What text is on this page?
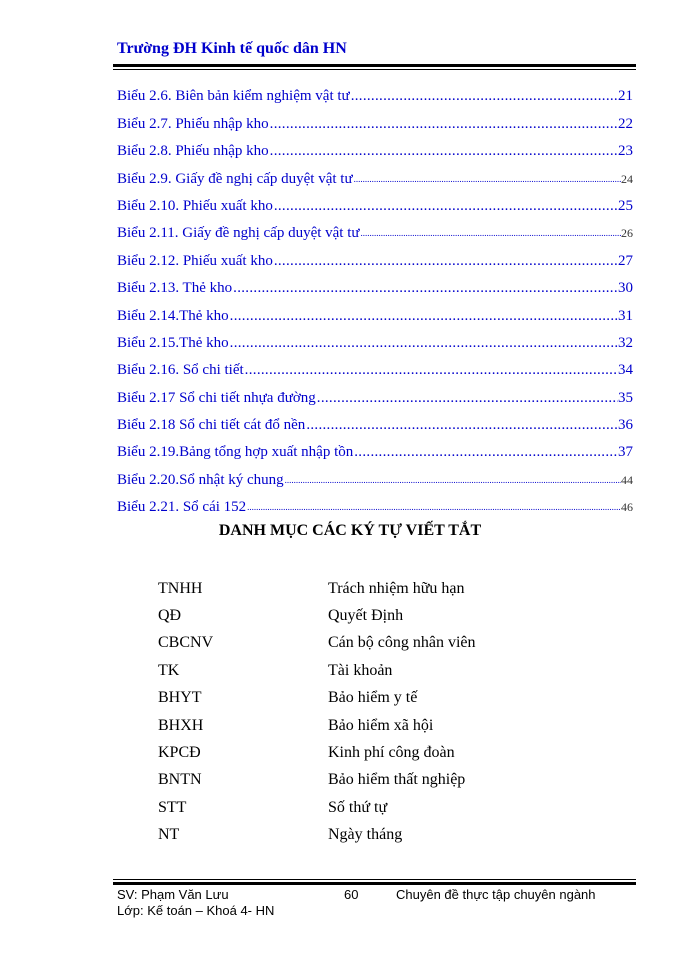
Trường ĐH Kinh tế quốc dân HN
Biểu 2.6. Biên bản kiểm nghiệm vật tư .....	21
Biểu 2.7. Phiếu nhập kho .....	22
Biểu 2.8. Phiếu nhập kho .....	23
Biểu 2.9. Giấy đề nghị cấp duyệt vật tư .....	24
Biểu 2.10. Phiếu xuất kho .....	25
Biểu 2.11. Giấy đề nghị cấp duyệt vật tư .....	26
Biểu 2.12. Phiếu xuất kho .....	27
Biểu 2.13. Thẻ kho .....	30
Biểu 2.14.Thẻ kho .....	31
Biểu 2.15.Thẻ kho .....	32
Biểu 2.16. Sổ chi tiết .....	34
Biểu 2.17 Sổ chi tiết nhựa đường .....	35
Biểu 2.18 Sổ chi tiết cát đổ nền .....	36
Biểu 2.19.Bảng tổng hợp xuất nhập tồn .....	37
Biểu 2.20.Sổ nhật ký chung .....	44
Biểu 2.21. Sổ cái 152 .....	46
DANH MỤC CÁC KÝ TỰ VIẾT TẮT
TNHH	Trách nhiệm hữu hạn
QĐ	Quyết Định
CBCNV	Cán bộ công nhân viên
TK	Tài khoản
BHYT	Bảo hiểm y tế
BHXH	Bảo hiểm xã hội
KPCĐ	Kinh phí công đoàn
BNTN	Bảo hiểm thất nghiệp
STT	Số thứ tự
NT	Ngày tháng
SV: Phạm Văn Lưu
Lớp: Kế toán – Khoá 4- HN
60	Chuyên đề thực tập chuyên ngành
